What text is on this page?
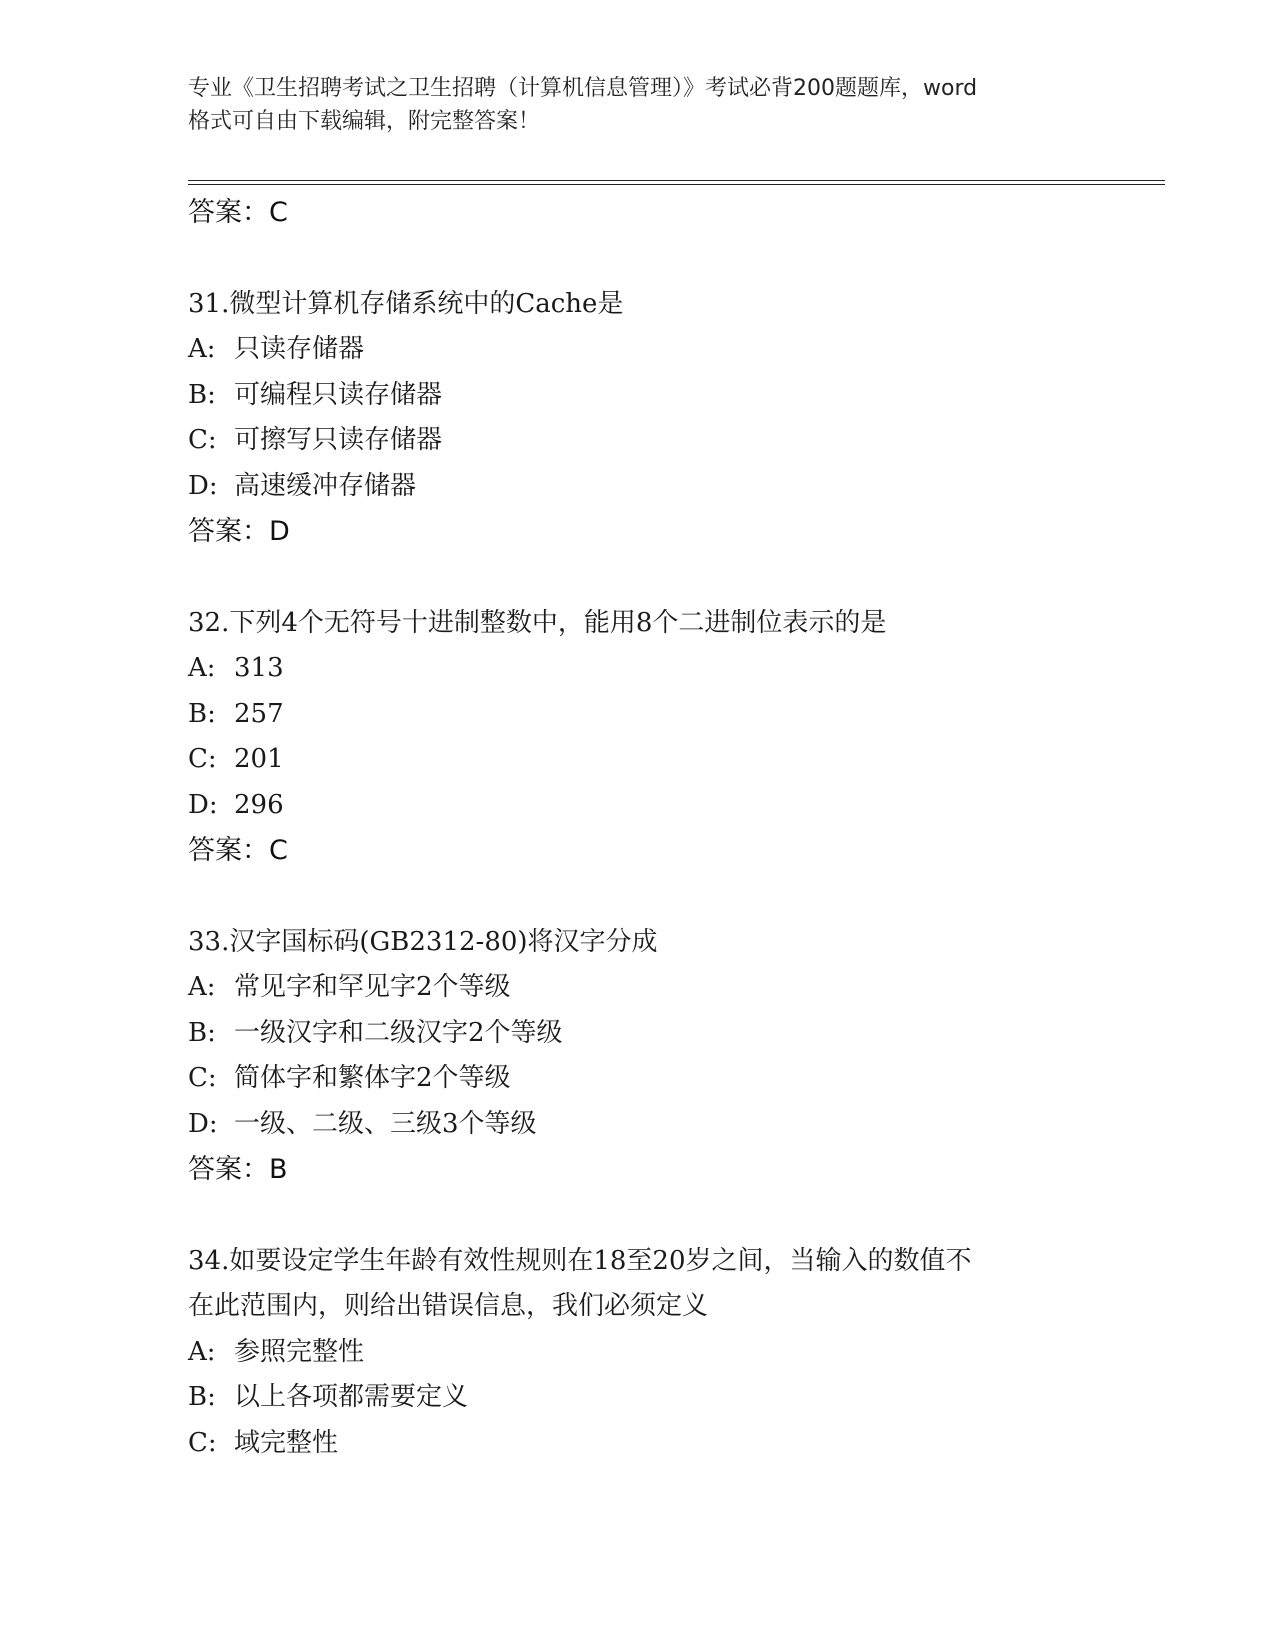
专业《卫生招聘考试之卫生招聘（计算机信息管理）》考试必背200题题库，word
格式可自由下载编辑，附完整答案！
答案：C
31.微型计算机存储系统中的Cache是
A: 只读存储器
B: 可编程只读存储器
C: 可擦写只读存储器
D: 高速缓冲存储器
答案：D
32.下列4个无符号十进制整数中，能用8个二进制位表示的是
A: 313
B: 257
C: 201
D: 296
答案：C
33.汉字国标码(GB2312-80)将汉字分成
A: 常见字和罕见字2个等级
B: 一级汉字和二级汉字2个等级
C: 简体字和繁体字2个等级
D: 一级、二级、三级3个等级
答案：B
34.如要设定学生年龄有效性规则在18至20岁之间，当输入的数值不
在此范围内，则给出错误信息，我们必须定义
A: 参照完整性
B: 以上各项都需要定义
C: 域完整性
